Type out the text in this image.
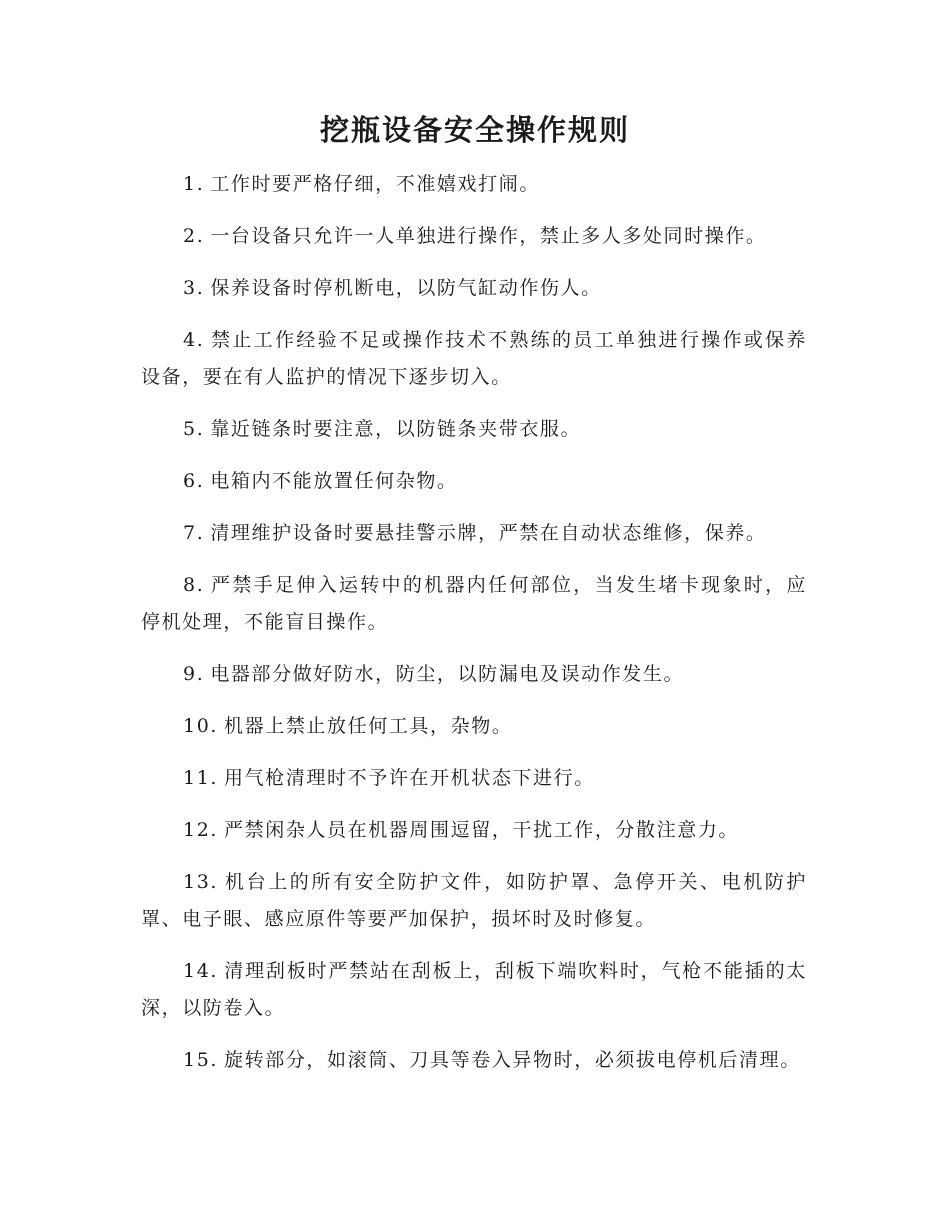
挖瓶设备安全操作规则
1. 工作时要严格仔细，不准嬉戏打闹。
2. 一台设备只允许一人单独进行操作，禁止多人多处同时操作。
3. 保养设备时停机断电，以防气缸动作伤人。
4. 禁止工作经验不足或操作技术不熟练的员工单独进行操作或保养设备，要在有人监护的情况下逐步切入。
5. 靠近链条时要注意，以防链条夹带衣服。
6. 电箱内不能放置任何杂物。
7. 清理维护设备时要悬挂警示牌，严禁在自动状态维修，保养。
8. 严禁手足伸入运转中的机器内任何部位，当发生堵卡现象时，应停机处理，不能盲目操作。
9. 电器部分做好防水，防尘，以防漏电及误动作发生。
10. 机器上禁止放任何工具，杂物。
11. 用气枪清理时不予许在开机状态下进行。
12. 严禁闲杂人员在机器周围逗留，干扰工作，分散注意力。
13. 机台上的所有安全防护文件，如防护罩、急停开关、电机防护罩、电子眼、感应原件等要严加保护，损坏时及时修复。
14. 清理刮板时严禁站在刮板上，刮板下端吹料时，气枪不能插的太深，以防卷入。
15. 旋转部分，如滚筒、刀具等卷入异物时，必须拔电停机后清理。
